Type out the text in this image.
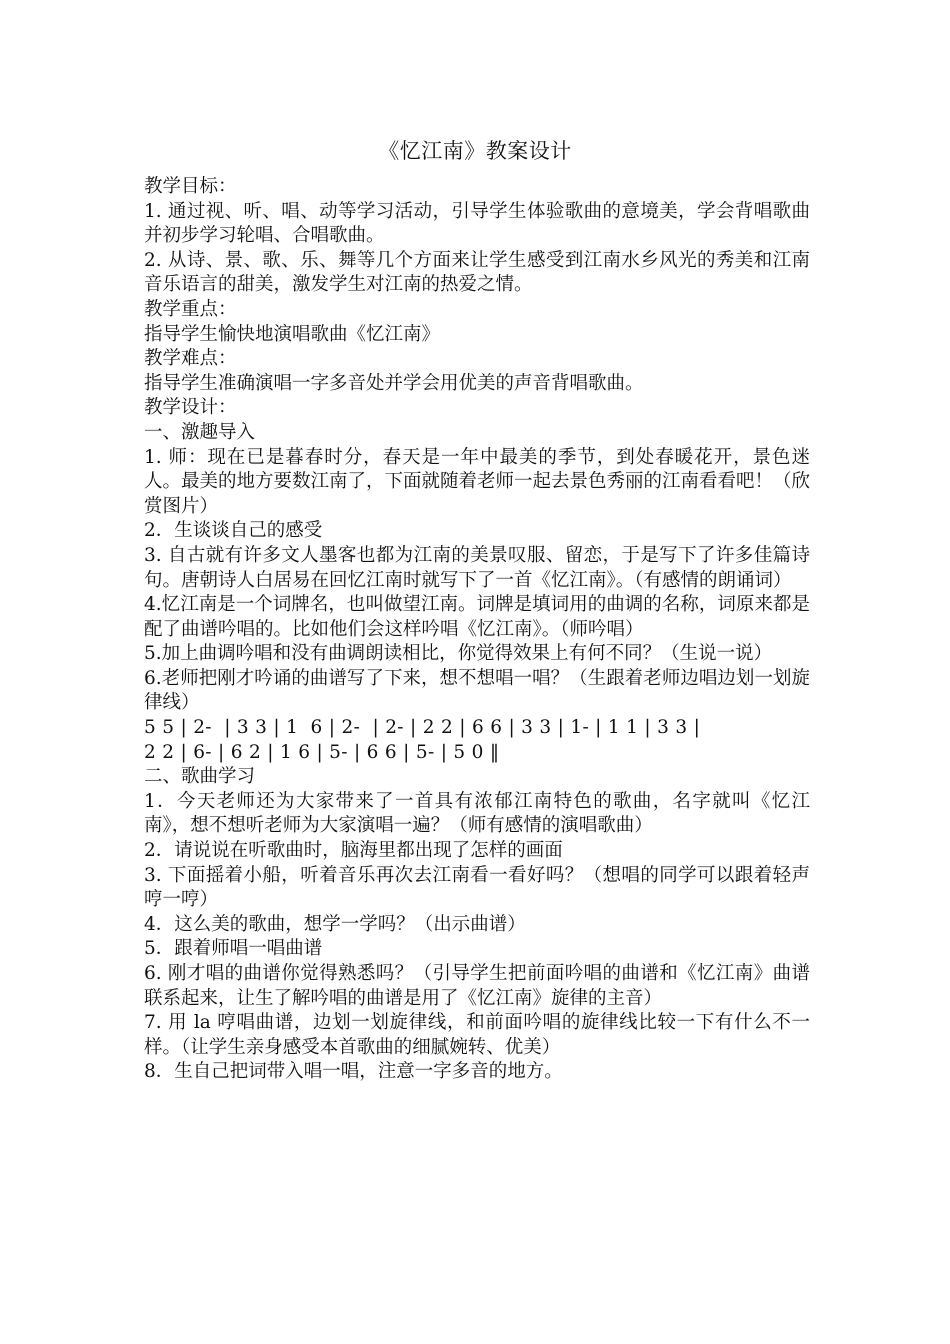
《忆江南》教案设计

教学目标：

1. 通过视、听、唱、动等学习活动，引导学生体验歌曲的意境美，学会背唱歌曲并初步学习轮唱、合唱歌曲。

2. 从诗、景、歌、乐、舞等几个方面来让学生感受到江南水乡风光的秀美和江南音乐语言的甜美，激发学生对江南的热爱之情。

教学重点：

指导学生愉快地演唱歌曲《忆江南》

教学难点：

指导学生准确演唱一字多音处并学会用优美的声音背唱歌曲。

教学设计：

一、激趣导入

1. 师：现在已是暮春时分，春天是一年中最美的季节，到处春暖花开，景色迷人。最美的地方要数江南了，下面就随着老师一起去景色秀丽的江南看看吧！（欣赏图片）

2．生谈谈自己的感受

3. 自古就有许多文人墨客也都为江南的美景叹服、留恋，于是写下了许多佳篇诗句。唐朝诗人白居易在回忆江南时就写下了一首《忆江南》。（有感情的朗诵词）

4.忆江南是一个词牌名，也叫做望江南。词牌是填词用的曲调的名称，词原来都是配了曲谱吟唱的。比如他们会这样吟唱《忆江南》。（师吟唱）

5.加上曲调吟唱和没有曲调朗读相比，你觉得效果上有何不同？（生说一说）

6.老师把刚才吟诵的曲谱写了下来，想不想唱一唱？（生跟着老师边唱边划一划旋律线）

5 5 | 2-  | 3 3 | 1  6 | 2-  | 2- | 2 2 | 6 6 | 3 3 | 1- | 1 1 | 3 3 |

2 2 | 6- | 6 2 | 1 6 | 5- | 6 6 | 5- | 5 0 ‖

二、歌曲学习

1．今天老师还为大家带来了一首具有浓郁江南特色的歌曲，名字就叫《忆江南》，想不想听老师为大家演唱一遍？（师有感情的演唱歌曲）

2．请说说在听歌曲时，脑海里都出现了怎样的画面

3. 下面摇着小船，听着音乐再次去江南看一看好吗？（想唱的同学可以跟着轻声哼一哼）

4．这么美的歌曲，想学一学吗？（出示曲谱）

5．跟着师唱一唱曲谱

6. 刚才唱的曲谱你觉得熟悉吗？（引导学生把前面吟唱的曲谱和《忆江南》曲谱联系起来，让生了解吟唱的曲谱是用了《忆江南》旋律的主音）

7. 用 la 哼唱曲谱，边划一划旋律线，和前面吟唱的旋律线比较一下有什么不一样。（让学生亲身感受本首歌曲的细腻婉转、优美）

8．生自己把词带入唱一唱，注意一字多音的地方。
